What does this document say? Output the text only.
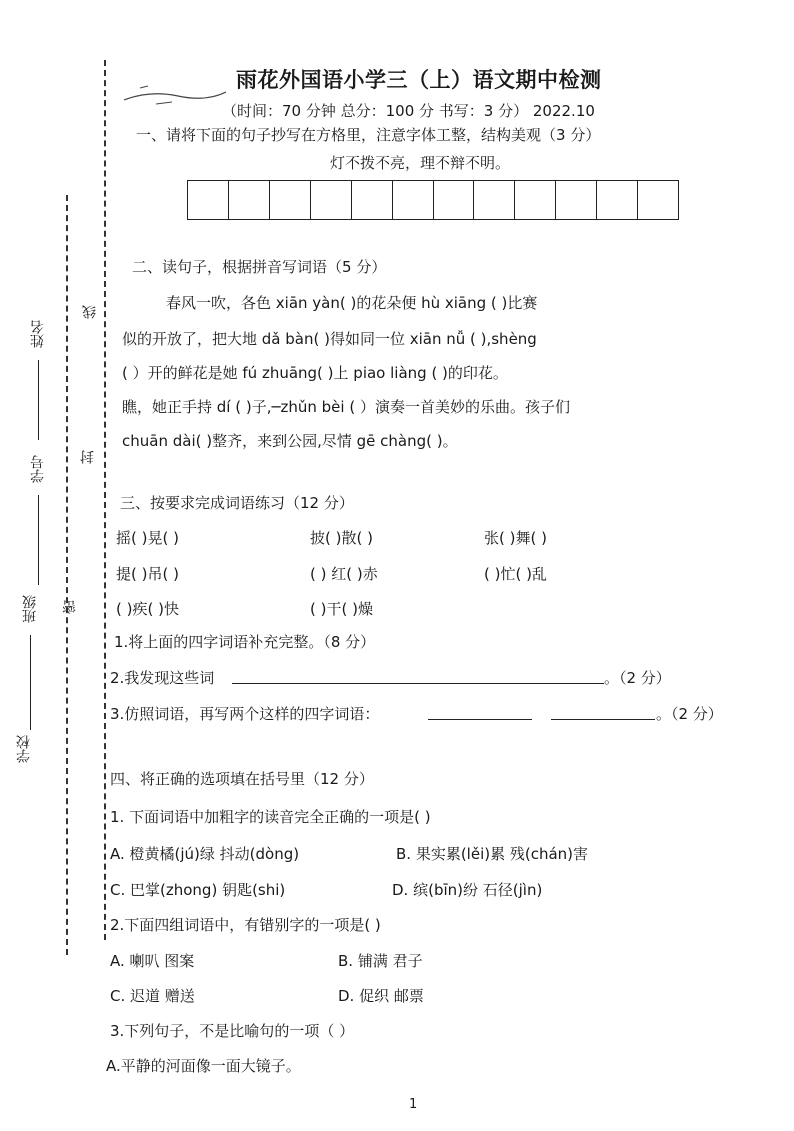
线
封
密
姓名
学号
班级
学校
雨花外国语小学三（上）语文期中检测
（时间：70 分钟 总分：100 分 书写：3 分） 2022.10
一、请将下面的句子抄写在方格里，注意字体工整，结构美观（3 分）
灯不拨不亮，理不辩不明。
二、读句子，根据拼音写词语（5 分）
春风一吹，各色 xiān yàn( )的花朵便 hù xiāng ( )比赛
似的开放了，把大地 dǎ bàn( )得如同一位 xiān nǚ ( ),shèng
( ）开的鲜花是她 fú zhuāng( )上 piao liàng ( )的印花。
瞧，她正手持 dí ( )子,─zhǔn bèi ( ）演奏一首美妙的乐曲。孩子们
chuān dài( )整齐，来到公园,尽情 gē chàng( )。
三、按要求完成词语练习（12 分）
摇( )晃( )	披( )散( )	张( )舞( )
提( )吊( )	( ) 红( )赤	( )忙( )乱
( )疾( )快	( )干( )燥
1.将上面的四字词语补充完整。（8 分）
2.我发现这些词	。（2 分）
3.仿照词语，再写两个这样的四字词语：	。（2 分）
四、将正确的选项填在括号里（12 分）
1. 下面词语中加粗字的读音完全正确的一项是( )
A. 橙黄橘(jú)绿 抖动(dòng)	B. 果实累(lěi)累 残(chán)害
C. 巴掌(zhong) 钥匙(shi)	D. 缤(bīn)纷 石径(jìn)
2.下面四组词语中，有错别字的一项是( )
A. 喇叭 图案	B. 铺满 君子
C. 迟道 赠送	D. 促织 邮票
3.下列句子，不是比喻句的一项（ ）
A.平静的河面像一面大镜子。
1
